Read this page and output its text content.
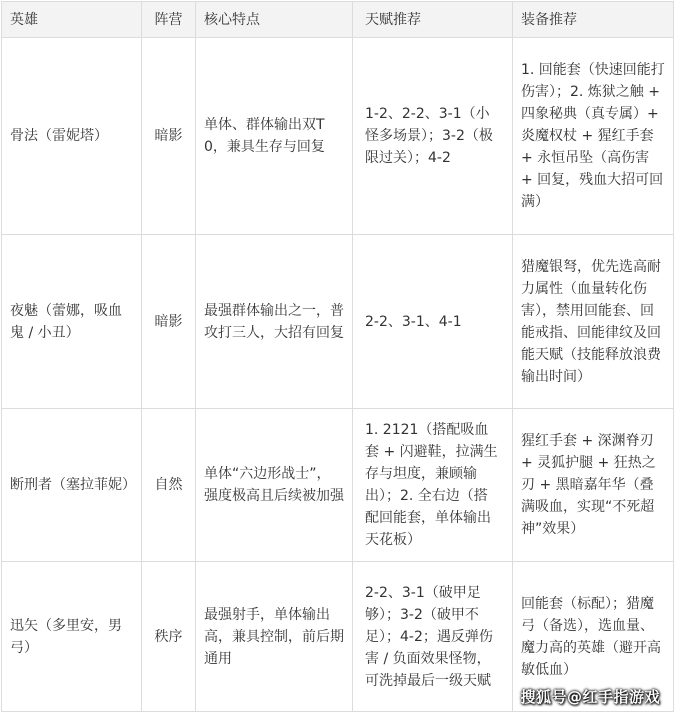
英雄	阵营	核心特点	天赋推荐	装备推荐
骨法（雷妮塔）	暗影	单体、群体输出双T0，兼具生存与回复	1-2、2-2、3-1（小怪多场景）；3-2（极限过关）；4-2	1. 回能套（快速回能打伤害）；2. 炼狱之触 + 四象秘典（真专属）+ 炎魔权杖 + 猩红手套 + 永恒吊坠（高伤害 + 回复，残血大招可回满）
夜魅（蕾娜，吸血鬼 / 小丑）	暗影	最强群体输出之一，普攻打三人，大招有回复	2-2、3-1、4-1	猎魔银弩，优先选高耐力属性（血量转化伤害），禁用回能套、回能戒指、回能律纹及回能天赋（技能释放浪费输出时间）
断刑者（塞拉菲妮）	自然	单体“六边形战士”，强度极高且后续被加强	1. 2121（搭配吸血套 + 闪避鞋，拉满生存与坦度，兼顾输出）；2. 全右边（搭配回能套，单体输出天花板）	猩红手套 + 深渊脊刃 + 灵狐护腿 + 狂热之刃 + 黑暗嘉年华（叠满吸血，实现“不死超神”效果）
迅矢（多里安，男弓）	秩序	最强射手，单体输出高，兼具控制，前后期通用	2-2、3-1（破甲足够）；3-2（破甲不足）；4-2；遇反弹伤害 / 负面效果怪物，可洗掉最后一级天赋	回能套（标配）；猎魔弓（备选），选血量、魔力高的英雄（避开高敏低血）
搜狐号@红手指游戏
